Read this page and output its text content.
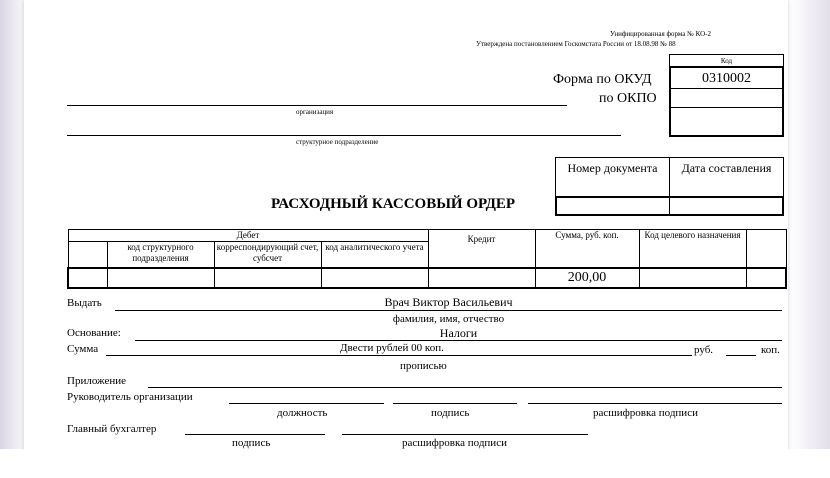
Унифицированная форма № КО-2
Утверждена постановлением Госкомстата России от 18.08.98 № 88
Код
0310002
Форма по ОКУД
по ОКПО
организация
структурное подразделение
Номер документа	Дата составления
РАСХОДНЫЙ КАССОВЫЙ ОРДЕР
Дебет				Кредит	Сумма, руб. коп.	Код целевого назначения	
	код структурного подразделения	корреспондирующий счет, субсчет	код аналитического учета				
					200,00		
Выдать	Врач Виктор Васильевич
фамилия, имя, отчество
Основание:	Налоги
Сумма	Двести рублей 00 коп.	руб.	коп.
прописью
Приложение
Руководитель организации
должность	подпись	расшифровка подписи
Главный бухгалтер
подпись	расшифровка подписи
